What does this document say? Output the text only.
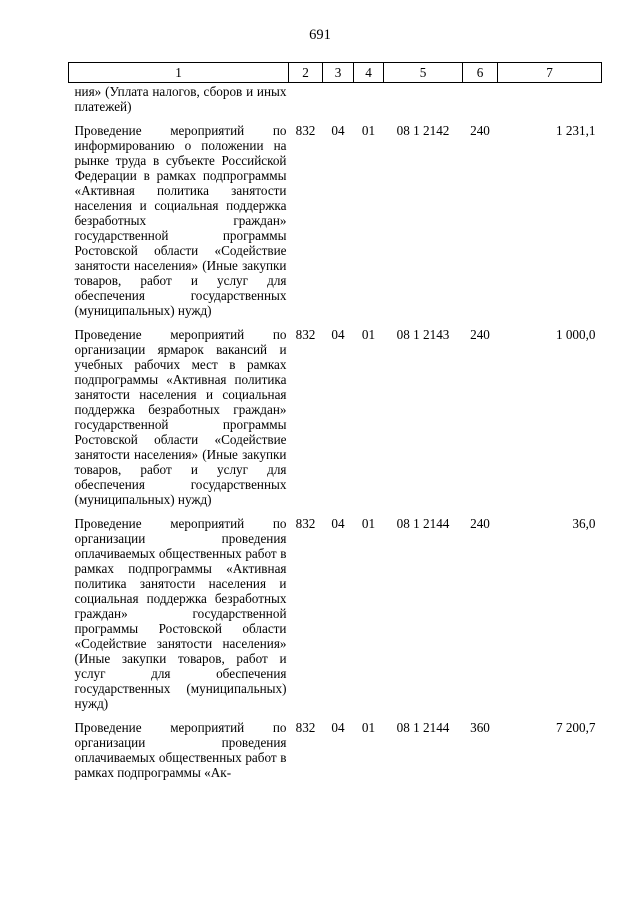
691
1	2	3	4	5	6	7
ния» (Уплата налогов, сборов и иных платежей)						
Проведение мероприятий по информированию о положении на рынке труда в субъекте Российской Федерации в рамках подпрограммы «Активная политика занятости населения и социальная поддержка безработных граждан» государственной программы Ростовской области «Содействие занятости населения» (Иные закупки товаров, работ и услуг для обеспечения государственных (муниципальных) нужд)	832	04	01	08 1 2142	240	1 231,1
Проведение мероприятий по организации ярмарок вакансий и учебных рабочих мест в рамках подпрограммы «Активная политика занятости населения и социальная поддержка безработных граждан» государственной программы Ростовской области «Содействие занятости населения» (Иные закупки товаров, работ и услуг для обеспечения государственных (муниципальных) нужд)	832	04	01	08 1 2143	240	1 000,0
Проведение мероприятий по организации проведения оплачиваемых общественных работ в рамках подпрограммы «Активная политика занятости населения и социальная поддержка безработных граждан» государственной программы Ростовской области «Содействие занятости населения» (Иные закупки товаров, работ и услуг для обеспечения государственных (муниципальных) нужд)	832	04	01	08 1 2144	240	36,0
Проведение мероприятий по организации проведения оплачиваемых общественных работ в рамках подпрограммы «Ак-	832	04	01	08 1 2144	360	7 200,7
